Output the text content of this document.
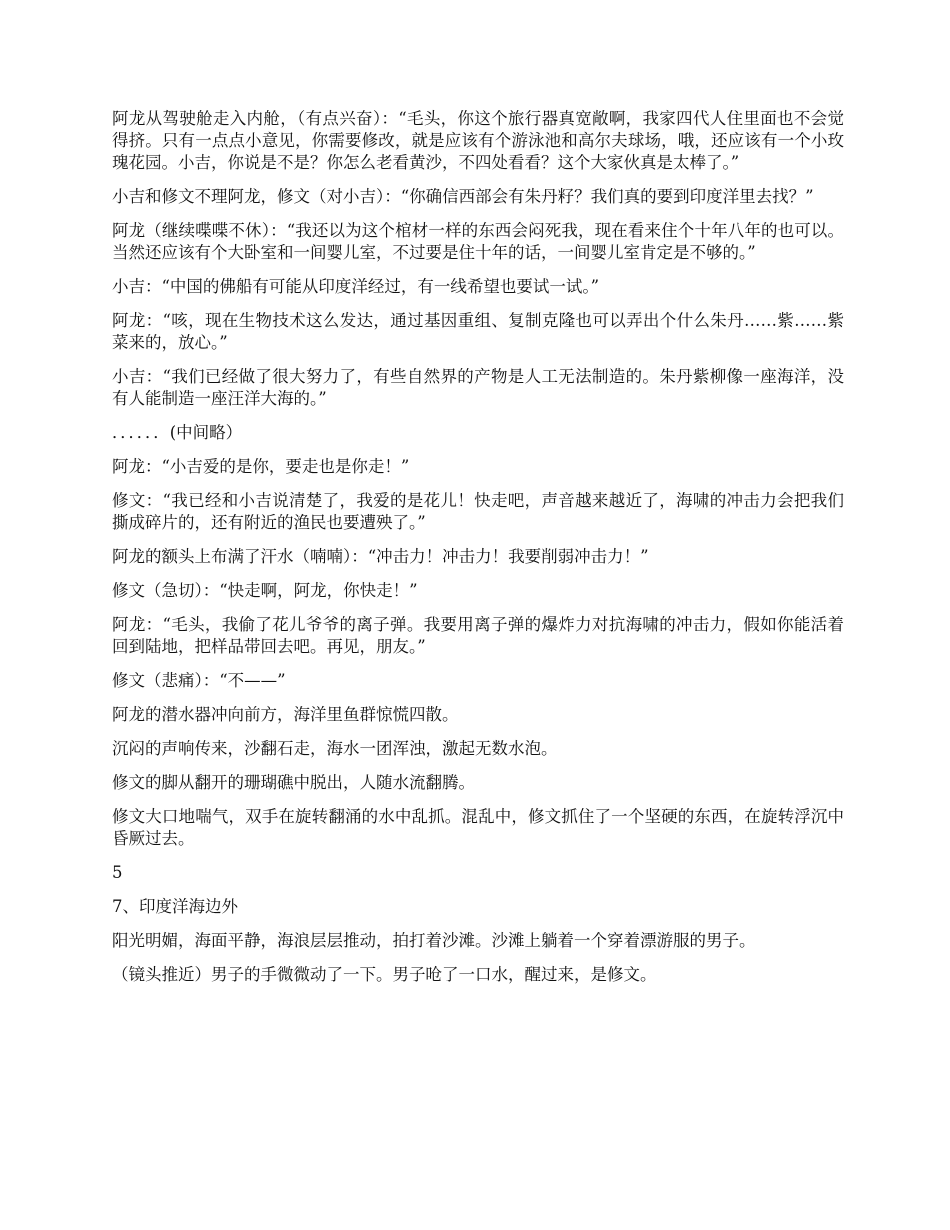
阿龙从驾驶舱走入内舱，（有点兴奋）：“毛头，你这个旅行器真宽敞啊，我家四代人住里面也不会觉得挤。只有一点点小意见，你需要修改，就是应该有个游泳池和高尔夫球场，哦，还应该有一个小玫瑰花园。小吉，你说是不是？你怎么老看黄沙，不四处看看？这个大家伙真是太棒了。”

小吉和修文不理阿龙，修文（对小吉）：“你确信西部会有朱丹籽？我们真的要到印度洋里去找？”

阿龙（继续喋喋不休）：“我还以为这个棺材一样的东西会闷死我，现在看来住个十年八年的也可以。当然还应该有个大卧室和一间婴儿室，不过要是住十年的话，一间婴儿室肯定是不够的。”

小吉：“中国的佛船有可能从印度洋经过，有一线希望也要试一试。”

阿龙：“咳，现在生物技术这么发达，通过基因重组、复制克隆也可以弄出个什么朱丹……紫……紫菜来的，放心。”

小吉：“我们已经做了很大努力了，有些自然界的产物是人工无法制造的。朱丹紫柳像一座海洋，没有人能制造一座汪洋大海的。”

．．．．．．(中间略）

阿龙：“小吉爱的是你，要走也是你走！”

修文：“我已经和小吉说清楚了，我爱的是花儿！快走吧，声音越来越近了，海啸的冲击力会把我们撕成碎片的，还有附近的渔民也要遭殃了。”

阿龙的额头上布满了汗水（喃喃）：“冲击力！冲击力！我要削弱冲击力！”

修文（急切）：“快走啊，阿龙，你快走！”

阿龙：“毛头，我偷了花儿爷爷的离子弹。我要用离子弹的爆炸力对抗海啸的冲击力，假如你能活着回到陆地，把样品带回去吧。再见，朋友。”

修文（悲痛）：“不——”

阿龙的潜水器冲向前方，海洋里鱼群惊慌四散。

沉闷的声响传来，沙翻石走，海水一团浑浊，激起无数水泡。

修文的脚从翻开的珊瑚礁中脱出，人随水流翻腾。

修文大口地喘气，双手在旋转翻涌的水中乱抓。混乱中，修文抓住了一个坚硬的东西，在旋转浮沉中昏厥过去。

5

7、印度洋海边外

阳光明媚，海面平静，海浪层层推动，拍打着沙滩。沙滩上躺着一个穿着漂游服的男子。

（镜头推近）男子的手微微动了一下。男子呛了一口水，醒过来，是修文。
